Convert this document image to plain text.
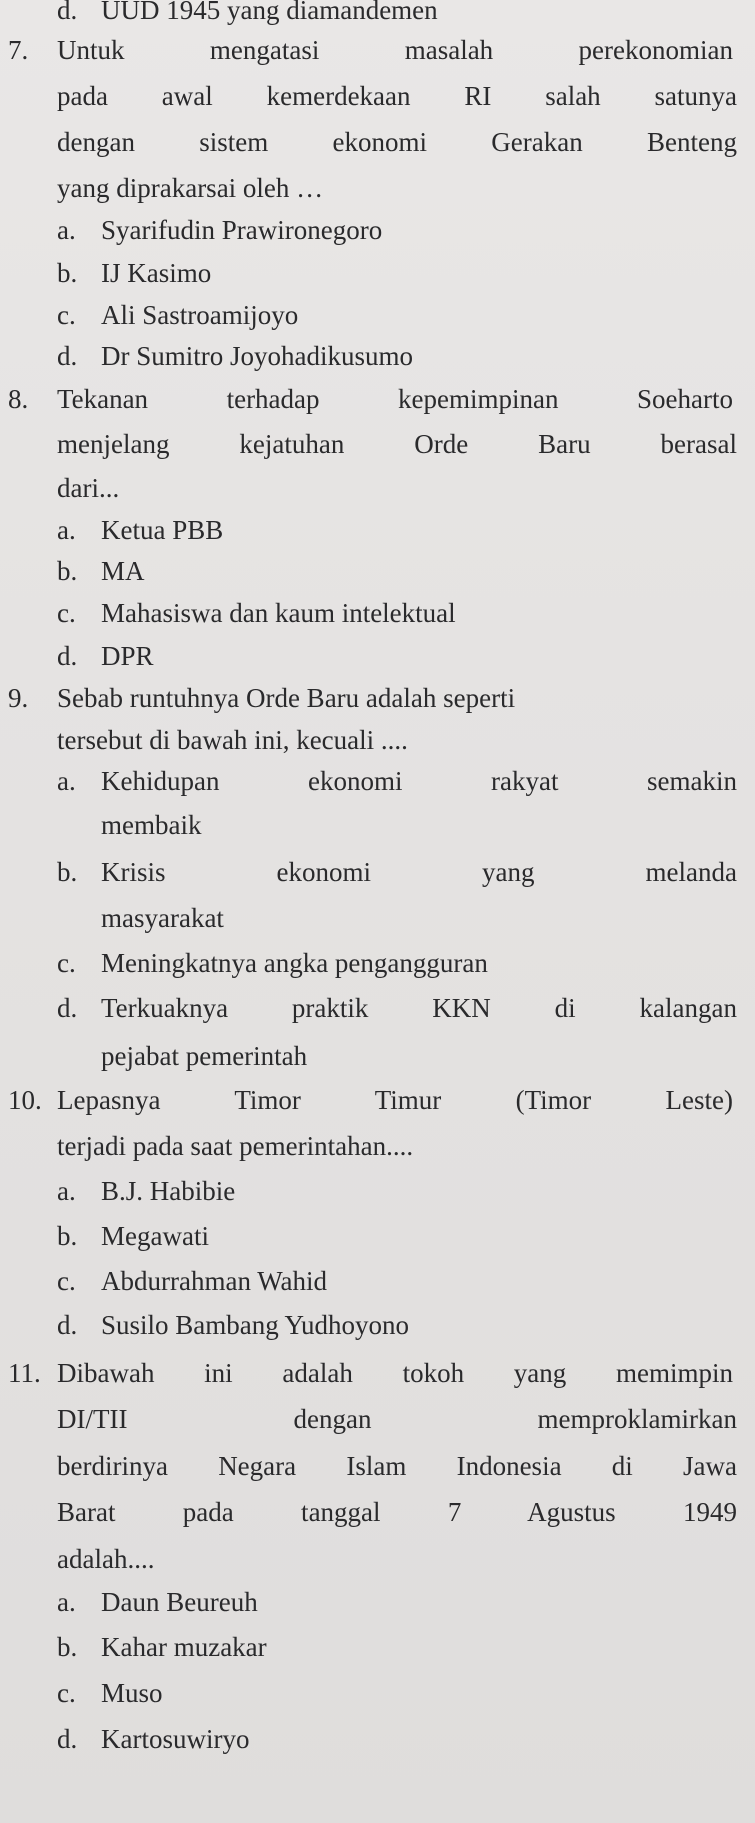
d. UUD 1945 yang diamandemen
7.	Untuk mengatasi masalah perekonomian
pada awal kemerdekaan RI salah satunya
dengan sistem ekonomi Gerakan Benteng
yang diprakarsai oleh …
a. Syarifudin Prawironegoro
b. IJ Kasimo
c. Ali Sastroamijoyo
d. Dr Sumitro Joyohadikusumo
8.	Tekanan terhadap kepemimpinan Soeharto
menjelang kejatuhan Orde Baru berasal
dari...
a. Ketua PBB
b. MA
c. Mahasiswa dan kaum intelektual
d. DPR
9.	Sebab runtuhnya Orde Baru adalah seperti
tersebut di bawah ini, kecuali ....
a. Kehidupan ekonomi rakyat semakin
membaik
b. Krisis ekonomi yang melanda
masyarakat
c. Meningkatnya angka pengangguran
d. Terkuaknya praktik KKN di kalangan
pejabat pemerintah
10. Lepasnya Timor Timur (Timor Leste)
terjadi pada saat pemerintahan....
a. B.J. Habibie
b. Megawati
c. Abdurrahman Wahid
d. Susilo Bambang Yudhoyono
11. Dibawah ini adalah tokoh yang memimpin
DI/TII dengan memproklamirkan
berdirinya Negara Islam Indonesia di Jawa
Barat pada tanggal 7 Agustus 1949
adalah....
a. Daun Beureuh
b. Kahar muzakar
c. Muso
d. Kartosuwiryo
